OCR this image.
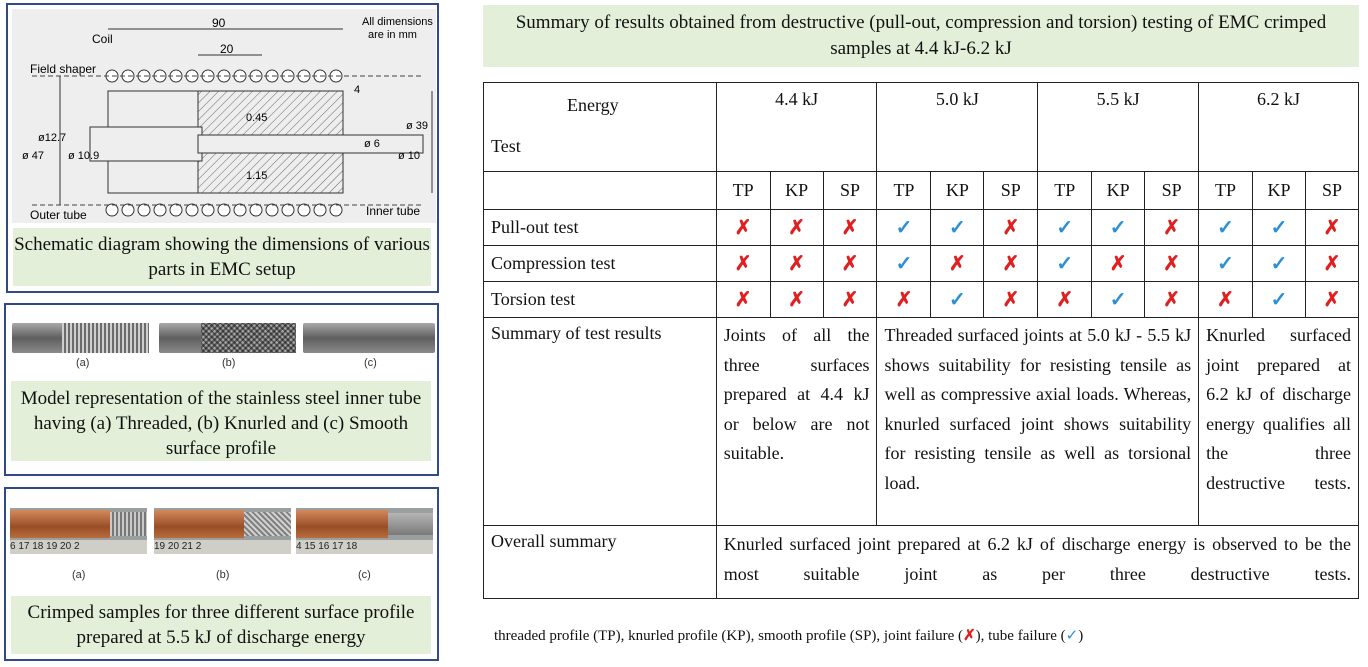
90
20
4
0.45
1.15
ø 47
ø12.7
ø 10.9
ø 6
ø 10
ø 39
Coil
Field shaper
Outer tube	Inner tube
All dimensions are in mm
Schematic diagram showing the dimensions of various parts in EMC setup
(a)	(b)	(c)
Model representation of the stainless steel inner tube having (a) Threaded, (b) Knurled and (c) Smooth surface profile
6 17 18 19 20 2	19 20 21 2	4 15 16 17 18
(a)	(b)	(c)
Crimped samples for three different surface profile prepared at 5.5 kJ of discharge energy
Summary of results obtained from destructive (pull-out, compression and torsion) testing of EMC crimped samples at 4.4 kJ-6.2 kJ
Energy
Test	4.4 kJ			5.0 kJ			5.5 kJ			6.2 kJ		
	TP	KP	SP	TP	KP	SP	TP	KP	SP	TP	KP	SP
Pull-out test	✗	✗	✗	✓	✓	✗	✓	✓	✗	✓	✓	✗
Compression test	✗	✗	✗	✓	✗	✗	✓	✗	✗	✓	✓	✗
Torsion test	✗	✗	✗	✗	✓	✗	✗	✓	✗	✗	✓	✗
Summary of test results	Joints of all the three surfaces prepared at 4.4 kJ or below are not suitable.			Threaded surfaced joints at 5.0 kJ - 5.5 kJ shows suitability for resisting tensile as well as compressive axial loads. Whereas, knurled surfaced joint shows suitability for resisting tensile as well as torsional load.						Knurled surfaced joint prepared at 6.2 kJ of discharge energy qualifies all the three destructive tests.		
Overall summary	Knurled surfaced joint prepared at 6.2 kJ of discharge energy is observed to be the most suitable joint as per three destructive tests.											
threaded profile (TP), knurled profile (KP), smooth profile (SP), joint failure (✗), tube failure (✓)
